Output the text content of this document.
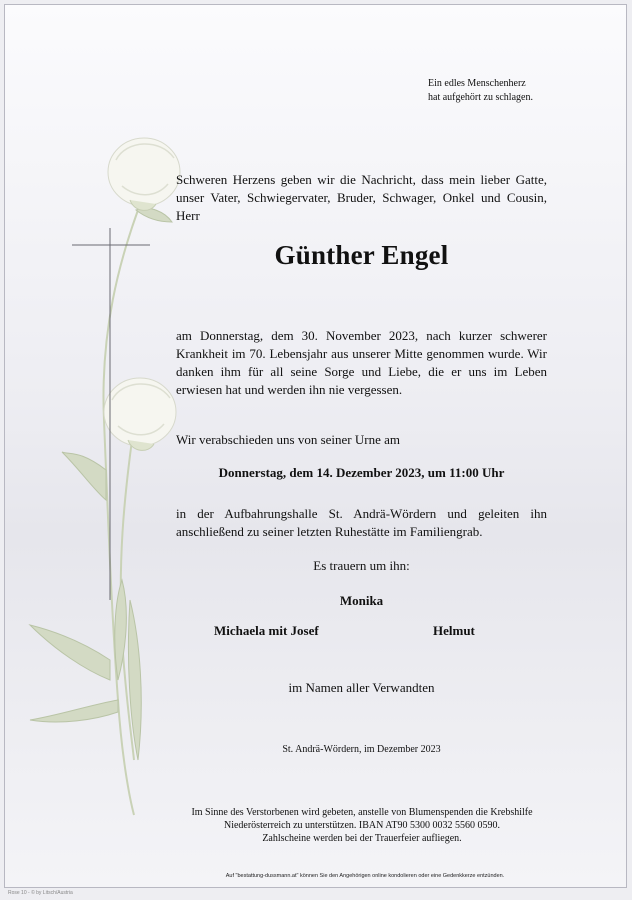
Ein edles Menschenherz
hat aufgehört zu schlagen.
Schweren Herzens geben wir die Nachricht, dass mein lieber Gatte, unser Vater, Schwiegervater, Bruder, Schwager, Onkel und Cousin, Herr
Günther Engel
am Donnerstag, dem 30. November 2023, nach kurzer schwerer Krankheit im 70. Lebensjahr aus unserer Mitte genommen wurde. Wir danken ihm für all seine Sorge und Liebe, die er uns im Leben erwiesen hat und werden ihn nie vergessen.
Wir verabschieden uns von seiner Urne am
Donnerstag, dem 14. Dezember 2023, um 11:00 Uhr
in der Aufbahrungshalle St. Andrä-Wördern und geleiten ihn anschließend zu seiner letzten Ruhestätte im Familiengrab.
Es trauern um ihn:
Monika
Michaela mit Josef	Helmut
im Namen aller Verwandten
St. Andrä-Wördern, im Dezember 2023
Im Sinne des Verstorbenen wird gebeten, anstelle von Blumenspenden die Krebshilfe
Niederösterreich zu unterstützen. IBAN AT90 5300 0032 5560 0590.
Zahlscheine werden bei der Trauerfeier aufliegen.
Auf "bestattung-dussmann.at" können Sie den Angehörigen online kondolieren oder eine Gedenkkerze entzünden.
Rose 10 - © by Litsch/Austria
